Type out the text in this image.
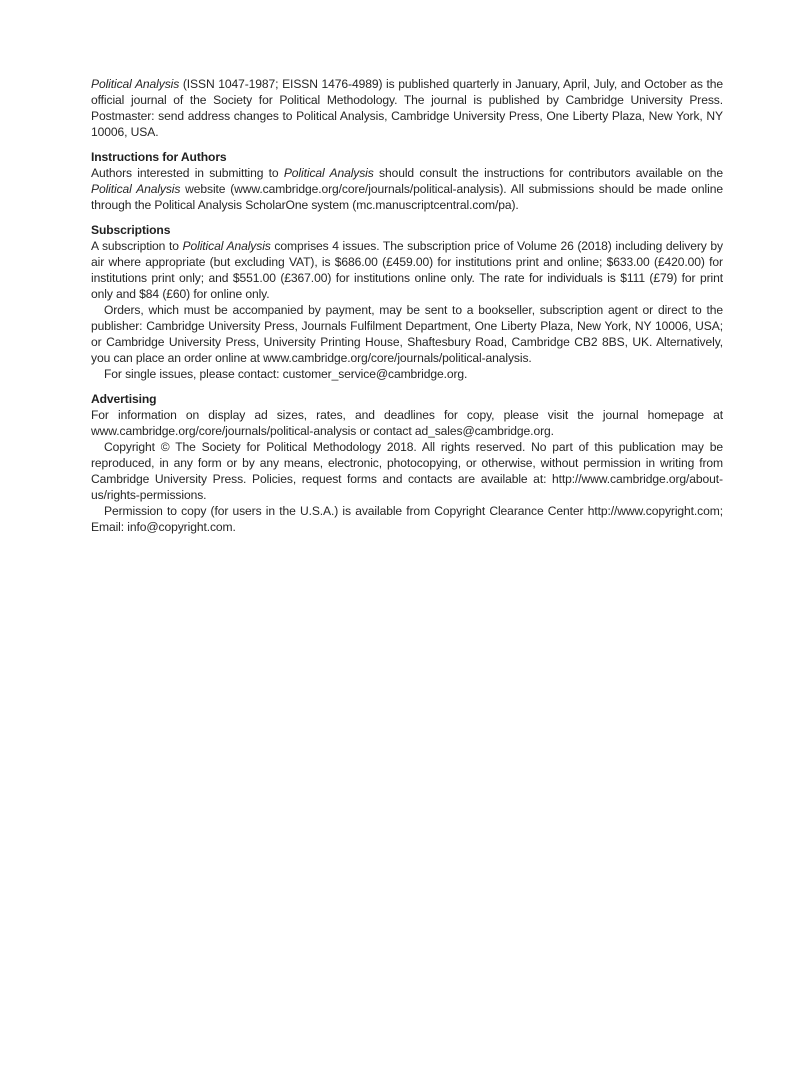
Political Analysis (ISSN 1047-1987; EISSN 1476-4989) is published quarterly in January, April, July, and October as the official journal of the Society for Political Methodology. The journal is published by Cambridge University Press. Postmaster: send address changes to Political Analysis, Cambridge University Press, One Liberty Plaza, New York, NY 10006, USA.

Instructions for Authors

Authors interested in submitting to Political Analysis should consult the instructions for contributors available on the Political Analysis website (www.cambridge.org/core/journals/political-analysis). All submissions should be made online through the Political Analysis ScholarOne system (mc.manuscriptcentral.com/pa).

Subscriptions

A subscription to Political Analysis comprises 4 issues. The subscription price of Volume 26 (2018) including delivery by air where appropriate (but excluding VAT), is $686.00 (£459.00) for institutions print and online; $633.00 (£420.00) for institutions print only; and $551.00 (£367.00) for institutions online only. The rate for individuals is $111 (£79) for print only and $84 (£60) for online only.

Orders, which must be accompanied by payment, may be sent to a bookseller, subscription agent or direct to the publisher: Cambridge University Press, Journals Fulfilment Department, One Liberty Plaza, New York, NY 10006, USA; or Cambridge University Press, University Printing House, Shaftesbury Road, Cambridge CB2 8BS, UK. Alternatively, you can place an order online at www.cambridge.org/core/journals/political-analysis.

For single issues, please contact: customer_service@cambridge.org.

Advertising

For information on display ad sizes, rates, and deadlines for copy, please visit the journal homepage at www.cambridge.org/core/journals/political-analysis or contact ad_sales@cambridge.org.

Copyright © The Society for Political Methodology 2018. All rights reserved. No part of this publication may be reproduced, in any form or by any means, electronic, photocopying, or otherwise, without permission in writing from Cambridge University Press. Policies, request forms and contacts are available at: http://www.cambridge.org/about-us/rights-permissions.

Permission to copy (for users in the U.S.A.) is available from Copyright Clearance Center http://www.copyright.com; Email: info@copyright.com.
